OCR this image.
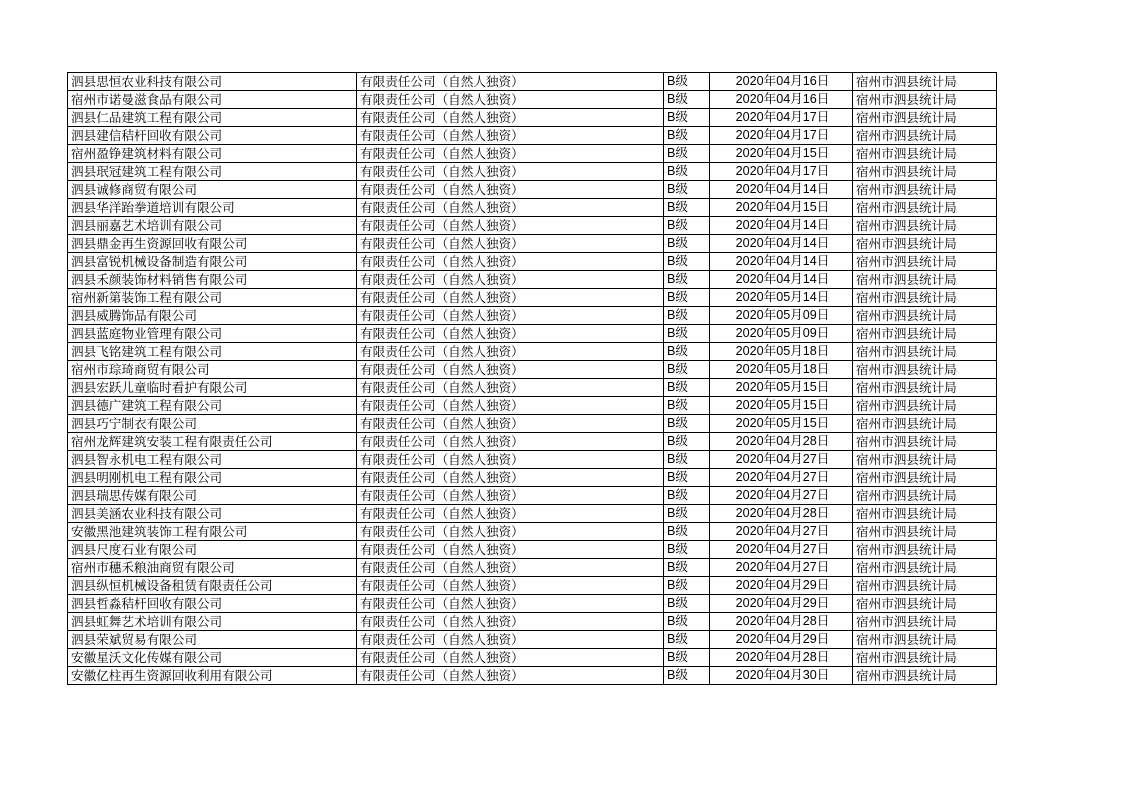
泗县思恒农业科技有限公司	有限责任公司（自然人独资）	B级	2020年04月16日	宿州市泗县统计局
宿州市诺曼滋食品有限公司	有限责任公司（自然人独资）	B级	2020年04月16日	宿州市泗县统计局
泗县仁品建筑工程有限公司	有限责任公司（自然人独资）	B级	2020年04月17日	宿州市泗县统计局
泗县建信秸杆回收有限公司	有限责任公司（自然人独资）	B级	2020年04月17日	宿州市泗县统计局
宿州盈铮建筑材料有限公司	有限责任公司（自然人独资）	B级	2020年04月15日	宿州市泗县统计局
泗县珉冠建筑工程有限公司	有限责任公司（自然人独资）	B级	2020年04月17日	宿州市泗县统计局
泗县诚修商贸有限公司	有限责任公司（自然人独资）	B级	2020年04月14日	宿州市泗县统计局
泗县华洋跆拳道培训有限公司	有限责任公司（自然人独资）	B级	2020年04月15日	宿州市泗县统计局
泗县丽嘉艺术培训有限公司	有限责任公司（自然人独资）	B级	2020年04月14日	宿州市泗县统计局
泗县鼎金再生资源回收有限公司	有限责任公司（自然人独资）	B级	2020年04月14日	宿州市泗县统计局
泗县富锐机械设备制造有限公司	有限责任公司（自然人独资）	B级	2020年04月14日	宿州市泗县统计局
泗县禾颜装饰材料销售有限公司	有限责任公司（自然人独资）	B级	2020年04月14日	宿州市泗县统计局
宿州新第装饰工程有限公司	有限责任公司（自然人独资）	B级	2020年05月14日	宿州市泗县统计局
泗县威腾饰品有限公司	有限责任公司（自然人独资）	B级	2020年05月09日	宿州市泗县统计局
泗县蓝庭物业管理有限公司	有限责任公司（自然人独资）	B级	2020年05月09日	宿州市泗县统计局
泗县飞铭建筑工程有限公司	有限责任公司（自然人独资）	B级	2020年05月18日	宿州市泗县统计局
宿州市琮琦商贸有限公司	有限责任公司（自然人独资）	B级	2020年05月18日	宿州市泗县统计局
泗县宏跃儿童临时看护有限公司	有限责任公司（自然人独资）	B级	2020年05月15日	宿州市泗县统计局
泗县德广建筑工程有限公司	有限责任公司（自然人独资）	B级	2020年05月15日	宿州市泗县统计局
泗县巧宁制衣有限公司	有限责任公司（自然人独资）	B级	2020年05月15日	宿州市泗县统计局
宿州龙辉建筑安装工程有限责任公司	有限责任公司（自然人独资）	B级	2020年04月28日	宿州市泗县统计局
泗县智永机电工程有限公司	有限责任公司（自然人独资）	B级	2020年04月27日	宿州市泗县统计局
泗县明刚机电工程有限公司	有限责任公司（自然人独资）	B级	2020年04月27日	宿州市泗县统计局
泗县瑞思传媒有限公司	有限责任公司（自然人独资）	B级	2020年04月27日	宿州市泗县统计局
泗县美涵农业科技有限公司	有限责任公司（自然人独资）	B级	2020年04月28日	宿州市泗县统计局
安徽黑池建筑装饰工程有限公司	有限责任公司（自然人独资）	B级	2020年04月27日	宿州市泗县统计局
泗县尺度石业有限公司	有限责任公司（自然人独资）	B级	2020年04月27日	宿州市泗县统计局
宿州市穗禾粮油商贸有限公司	有限责任公司（自然人独资）	B级	2020年04月27日	宿州市泗县统计局
泗县纵恒机械设备租赁有限责任公司	有限责任公司（自然人独资）	B级	2020年04月29日	宿州市泗县统计局
泗县哲淼秸杆回收有限公司	有限责任公司（自然人独资）	B级	2020年04月29日	宿州市泗县统计局
泗县虹舞艺术培训有限公司	有限责任公司（自然人独资）	B级	2020年04月28日	宿州市泗县统计局
泗县荣斌贸易有限公司	有限责任公司（自然人独资）	B级	2020年04月29日	宿州市泗县统计局
安徽星沃文化传媒有限公司	有限责任公司（自然人独资）	B级	2020年04月28日	宿州市泗县统计局
安徽亿柱再生资源回收利用有限公司	有限责任公司（自然人独资）	B级	2020年04月30日	宿州市泗县统计局
